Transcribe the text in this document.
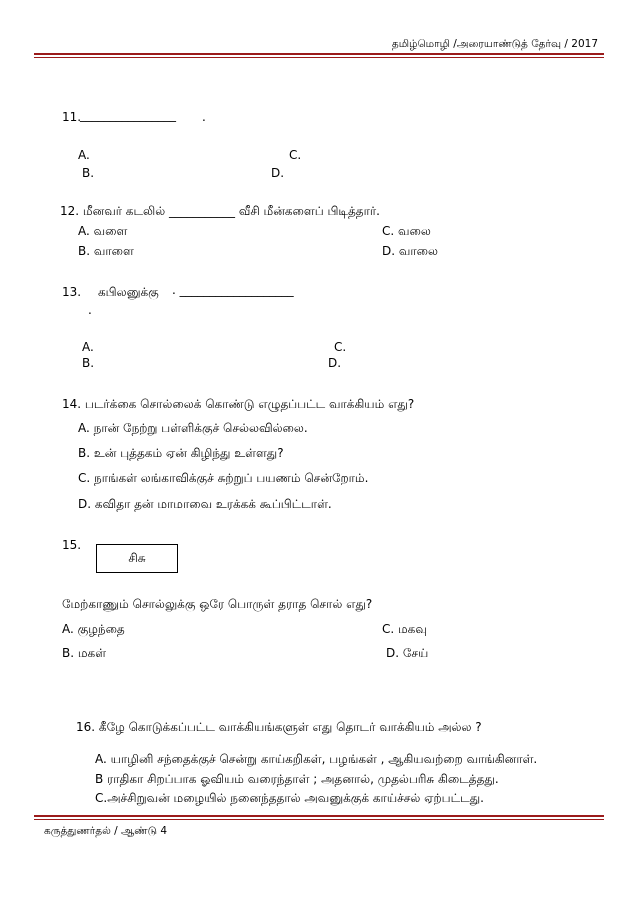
தமிழ்மொழி /அரையாண்டுத் தேர்வு / 2017
11.
________________ .
A.
B.
C.
D.
12. மீனவர் கடலில் ___________ வீசி மீன்களைப் பிடித்தார்.
A. வளை
B. வாளை
C. வலை
D. வாலை
13. கபிலனுக்கு . ___________________
.
A.
B.
C.
D.
14. படர்க்கை சொல்லைக் கொண்டு எழுதப்பட்ட வாக்கியம் எது?
A. நான் நேற்று பள்ளிக்குச் செல்லவில்லை.
B. உன் புத்தகம் ஏன் கிழிந்து உள்ளது?
C. நாங்கள் லங்காவிக்குச் சுற்றுப் பயணம் சென்றோம்.
D. கவிதா தன் மாமாவை உரக்கக் கூப்பிட்டாள்.
15.
சிசு
மேற்காணும் சொல்லுக்கு ஒரே பொருள் தராத சொல் எது?
A. குழந்தை
B. மகள்
C. மகவு
D. சேய்
16. கீழே கொடுக்கப்பட்ட வாக்கியங்களுள் எது தொடர் வாக்கியம் அல்ல ?
A. யாழினி சந்தைக்குச் சென்று காய்கறிகள், பழங்கள் , ஆகியவற்றை வாங்கினாள்.
B ராதிகா சிறப்பாக ஓவியம் வரைந்தாள் ; அதனால், முதல்பரிசு கிடைத்தது.
C.அச்சிறுவன் மழையில் நனைந்ததால் அவனுக்குக் காய்ச்சல் ஏற்பட்டது.
கருத்துணர்தல் / ஆண்டு 4
